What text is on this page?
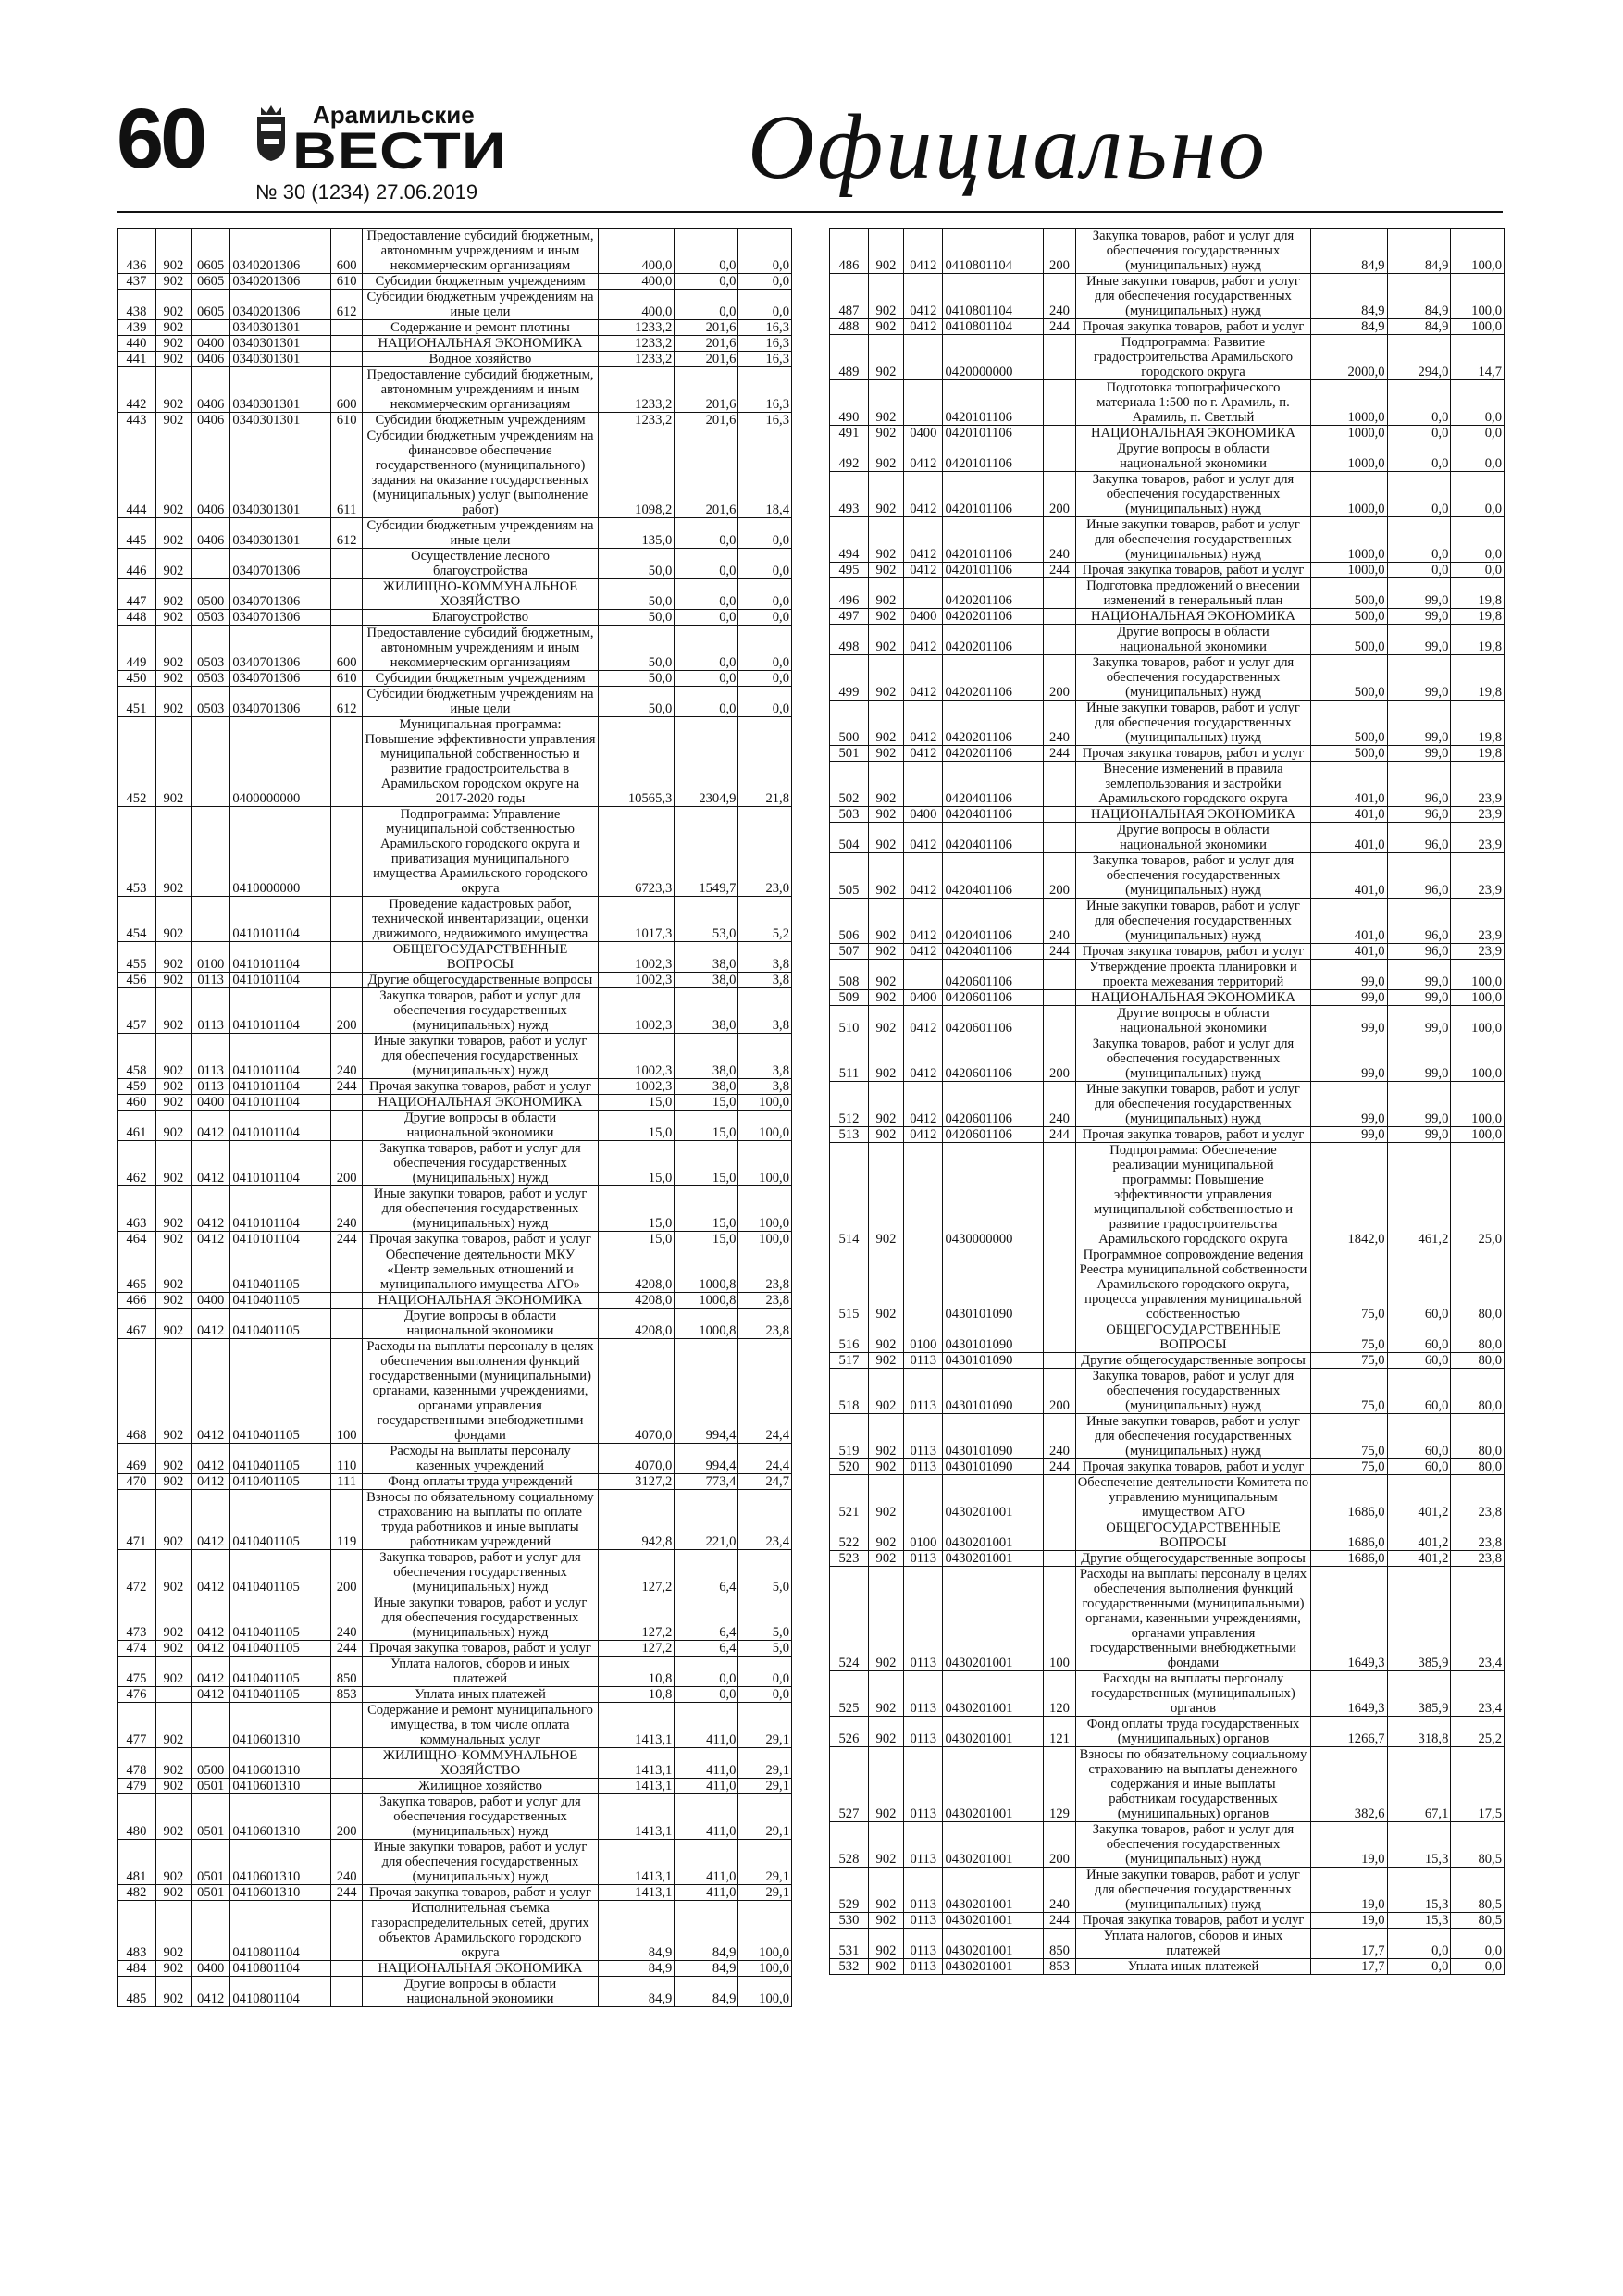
60	Арамильские
ВЕСТИ
№ 30 (1234) 27.06.2019	Официально
436	902	0605	0340201306	600	Предоставление субсидий бюджетным, автономным учреждениям и иным некоммерческим организациям	400,0	0,0	0,0
437	902	0605	0340201306	610	Субсидии бюджетным учреждениям	400,0	0,0	0,0
438	902	0605	0340201306	612	Субсидии бюджетным учреждениям на иные цели	400,0	0,0	0,0
439	902		0340301301		Содержание и ремонт плотины	1233,2	201,6	16,3
440	902	0400	0340301301		НАЦИОНАЛЬНАЯ ЭКОНОМИКА	1233,2	201,6	16,3
441	902	0406	0340301301		Водное хозяйство	1233,2	201,6	16,3
442	902	0406	0340301301	600	Предоставление субсидий бюджетным, автономным учреждениям и иным некоммерческим организациям	1233,2	201,6	16,3
443	902	0406	0340301301	610	Субсидии бюджетным учреждениям	1233,2	201,6	16,3
444	902	0406	0340301301	611	Субсидии бюджетным учреждениям на финансовое обеспечение государственного (муниципального) задания на оказание государственных (муниципальных) услуг (выполнение работ)	1098,2	201,6	18,4
445	902	0406	0340301301	612	Субсидии бюджетным учреждениям на иные цели	135,0	0,0	0,0
446	902		0340701306		Осуществление лесного благоустройства	50,0	0,0	0,0
447	902	0500	0340701306		ЖИЛИЩНО-КОММУНАЛЬНОЕ ХОЗЯЙСТВО	50,0	0,0	0,0
448	902	0503	0340701306		Благоустройство	50,0	0,0	0,0
449	902	0503	0340701306	600	Предоставление субсидий бюджетным, автономным учреждениям и иным некоммерческим организациям	50,0	0,0	0,0
450	902	0503	0340701306	610	Субсидии бюджетным учреждениям	50,0	0,0	0,0
451	902	0503	0340701306	612	Субсидии бюджетным учреждениям на иные цели	50,0	0,0	0,0
452	902		0400000000		Муниципальная программа: Повышение эффективности управления муниципальной собственностью и развитие градостроительства в Арамильском городском округе на 2017-2020 годы	10565,3	2304,9	21,8
453	902		0410000000		Подпрограмма: Управление муниципальной собственностью Арамильского городского округа и приватизация муниципального имущества Арамильского городского округа	6723,3	1549,7	23,0
454	902		0410101104		Проведение кадастровых работ, технической инвентаризации, оценки движимого, недвижимого имущества	1017,3	53,0	5,2
455	902	0100	0410101104		ОБЩЕГОСУДАРСТВЕННЫЕ ВОПРОСЫ	1002,3	38,0	3,8
456	902	0113	0410101104		Другие общегосударственные вопросы	1002,3	38,0	3,8
457	902	0113	0410101104	200	Закупка товаров, работ и услуг для обеспечения государственных (муниципальных) нужд	1002,3	38,0	3,8
458	902	0113	0410101104	240	Иные закупки товаров, работ и услуг для обеспечения государственных (муниципальных) нужд	1002,3	38,0	3,8
459	902	0113	0410101104	244	Прочая закупка товаров, работ и услуг	1002,3	38,0	3,8
460	902	0400	0410101104		НАЦИОНАЛЬНАЯ ЭКОНОМИКА	15,0	15,0	100,0
461	902	0412	0410101104		Другие вопросы в области национальной экономики	15,0	15,0	100,0
462	902	0412	0410101104	200	Закупка товаров, работ и услуг для обеспечения государственных (муниципальных) нужд	15,0	15,0	100,0
463	902	0412	0410101104	240	Иные закупки товаров, работ и услуг для обеспечения государственных (муниципальных) нужд	15,0	15,0	100,0
464	902	0412	0410101104	244	Прочая закупка товаров, работ и услуг	15,0	15,0	100,0
465	902		0410401105		Обеспечение деятельности МКУ «Центр земельных отношений и муниципального имущества АГО»	4208,0	1000,8	23,8
466	902	0400	0410401105		НАЦИОНАЛЬНАЯ ЭКОНОМИКА	4208,0	1000,8	23,8
467	902	0412	0410401105		Другие вопросы в области национальной экономики	4208,0	1000,8	23,8
468	902	0412	0410401105	100	Расходы на выплаты персоналу в целях обеспечения выполнения функций государственными (муниципальными) органами, казенными учреждениями, органами управления государственными внебюджетными фондами	4070,0	994,4	24,4
469	902	0412	0410401105	110	Расходы на выплаты персоналу казенных учреждений	4070,0	994,4	24,4
470	902	0412	0410401105	111	Фонд оплаты труда учреждений	3127,2	773,4	24,7
471	902	0412	0410401105	119	Взносы по обязательному социальному страхованию на выплаты по оплате труда работников и иные выплаты работникам учреждений	942,8	221,0	23,4
472	902	0412	0410401105	200	Закупка товаров, работ и услуг для обеспечения государственных (муниципальных) нужд	127,2	6,4	5,0
473	902	0412	0410401105	240	Иные закупки товаров, работ и услуг для обеспечения государственных (муниципальных) нужд	127,2	6,4	5,0
474	902	0412	0410401105	244	Прочая закупка товаров, работ и услуг	127,2	6,4	5,0
475	902	0412	0410401105	850	Уплата налогов, сборов и иных платежей	10,8	0,0	0,0
476		0412	0410401105	853	Уплата иных платежей	10,8	0,0	0,0
477	902		0410601310		Содержание и ремонт муниципального имущества, в том числе оплата коммунальных услуг	1413,1	411,0	29,1
478	902	0500	0410601310		ЖИЛИЩНО-КОММУНАЛЬНОЕ ХОЗЯЙСТВО	1413,1	411,0	29,1
479	902	0501	0410601310		Жилищное хозяйство	1413,1	411,0	29,1
480	902	0501	0410601310	200	Закупка товаров, работ и услуг для обеспечения государственных (муниципальных) нужд	1413,1	411,0	29,1
481	902	0501	0410601310	240	Иные закупки товаров, работ и услуг для обеспечения государственных (муниципальных) нужд	1413,1	411,0	29,1
482	902	0501	0410601310	244	Прочая закупка товаров, работ и услуг	1413,1	411,0	29,1
483	902		0410801104		Исполнительная съемка газораспределительных сетей, других объектов Арамильского городского округа	84,9	84,9	100,0
484	902	0400	0410801104		НАЦИОНАЛЬНАЯ ЭКОНОМИКА	84,9	84,9	100,0
485	902	0412	0410801104		Другие вопросы в области национальной экономики	84,9	84,9	100,0
486	902	0412	0410801104	200	Закупка товаров, работ и услуг для обеспечения государственных (муниципальных) нужд	84,9	84,9	100,0
487	902	0412	0410801104	240	Иные закупки товаров, работ и услуг для обеспечения государственных (муниципальных) нужд	84,9	84,9	100,0
488	902	0412	0410801104	244	Прочая закупка товаров, работ и услуг	84,9	84,9	100,0
489	902		0420000000		Подпрограмма: Развитие градостроительства Арамильского городского округа	2000,0	294,0	14,7
490	902		0420101106		Подготовка топографического материала 1:500 по г. Арамиль, п. Арамиль, п. Светлый	1000,0	0,0	0,0
491	902	0400	0420101106		НАЦИОНАЛЬНАЯ ЭКОНОМИКА	1000,0	0,0	0,0
492	902	0412	0420101106		Другие вопросы в области национальной экономики	1000,0	0,0	0,0
493	902	0412	0420101106	200	Закупка товаров, работ и услуг для обеспечения государственных (муниципальных) нужд	1000,0	0,0	0,0
494	902	0412	0420101106	240	Иные закупки товаров, работ и услуг для обеспечения государственных (муниципальных) нужд	1000,0	0,0	0,0
495	902	0412	0420101106	244	Прочая закупка товаров, работ и услуг	1000,0	0,0	0,0
496	902		0420201106		Подготовка предложений о внесении изменений в генеральный план	500,0	99,0	19,8
497	902	0400	0420201106		НАЦИОНАЛЬНАЯ ЭКОНОМИКА	500,0	99,0	19,8
498	902	0412	0420201106		Другие вопросы в области национальной экономики	500,0	99,0	19,8
499	902	0412	0420201106	200	Закупка товаров, работ и услуг для обеспечения государственных (муниципальных) нужд	500,0	99,0	19,8
500	902	0412	0420201106	240	Иные закупки товаров, работ и услуг для обеспечения государственных (муниципальных) нужд	500,0	99,0	19,8
501	902	0412	0420201106	244	Прочая закупка товаров, работ и услуг	500,0	99,0	19,8
502	902		0420401106		Внесение изменений в правила землепользования и застройки Арамильского городского округа	401,0	96,0	23,9
503	902	0400	0420401106		НАЦИОНАЛЬНАЯ ЭКОНОМИКА	401,0	96,0	23,9
504	902	0412	0420401106		Другие вопросы в области национальной экономики	401,0	96,0	23,9
505	902	0412	0420401106	200	Закупка товаров, работ и услуг для обеспечения государственных (муниципальных) нужд	401,0	96,0	23,9
506	902	0412	0420401106	240	Иные закупки товаров, работ и услуг для обеспечения государственных (муниципальных) нужд	401,0	96,0	23,9
507	902	0412	0420401106	244	Прочая закупка товаров, работ и услуг	401,0	96,0	23,9
508	902		0420601106		Утверждение проекта планировки и проекта межевания территорий	99,0	99,0	100,0
509	902	0400	0420601106		НАЦИОНАЛЬНАЯ ЭКОНОМИКА	99,0	99,0	100,0
510	902	0412	0420601106		Другие вопросы в области национальной экономики	99,0	99,0	100,0
511	902	0412	0420601106	200	Закупка товаров, работ и услуг для обеспечения государственных (муниципальных) нужд	99,0	99,0	100,0
512	902	0412	0420601106	240	Иные закупки товаров, работ и услуг для обеспечения государственных (муниципальных) нужд	99,0	99,0	100,0
513	902	0412	0420601106	244	Прочая закупка товаров, работ и услуг	99,0	99,0	100,0
514	902		0430000000		Подпрограмма: Обеспечение реализации муниципальной программы: Повышение эффективности управления муниципальной собственностью и развитие градостроительства Арамильского городского округа	1842,0	461,2	25,0
515	902		0430101090		Программное сопровождение ведения Реестра муниципальной собственности Арамильского городского округа, процесса управления муниципальной собственностью	75,0	60,0	80,0
516	902	0100	0430101090		ОБЩЕГОСУДАРСТВЕННЫЕ ВОПРОСЫ	75,0	60,0	80,0
517	902	0113	0430101090		Другие общегосударственные вопросы	75,0	60,0	80,0
518	902	0113	0430101090	200	Закупка товаров, работ и услуг для обеспечения государственных (муниципальных) нужд	75,0	60,0	80,0
519	902	0113	0430101090	240	Иные закупки товаров, работ и услуг для обеспечения государственных (муниципальных) нужд	75,0	60,0	80,0
520	902	0113	0430101090	244	Прочая закупка товаров, работ и услуг	75,0	60,0	80,0
521	902		0430201001		Обеспечение деятельности Комитета по управлению муниципальным имуществом АГО	1686,0	401,2	23,8
522	902	0100	0430201001		ОБЩЕГОСУДАРСТВЕННЫЕ ВОПРОСЫ	1686,0	401,2	23,8
523	902	0113	0430201001		Другие общегосударственные вопросы	1686,0	401,2	23,8
524	902	0113	0430201001	100	Расходы на выплаты персоналу в целях обеспечения выполнения функций государственными (муниципальными) органами, казенными учреждениями, органами управления государственными внебюджетными фондами	1649,3	385,9	23,4
525	902	0113	0430201001	120	Расходы на выплаты персоналу государственных (муниципальных) органов	1649,3	385,9	23,4
526	902	0113	0430201001	121	Фонд оплаты труда государственных (муниципальных) органов	1266,7	318,8	25,2
527	902	0113	0430201001	129	Взносы по обязательному социальному страхованию на выплаты денежного содержания и иные выплаты работникам государственных (муниципальных) органов	382,6	67,1	17,5
528	902	0113	0430201001	200	Закупка товаров, работ и услуг для обеспечения государственных (муниципальных) нужд	19,0	15,3	80,5
529	902	0113	0430201001	240	Иные закупки товаров, работ и услуг для обеспечения государственных (муниципальных) нужд	19,0	15,3	80,5
530	902	0113	0430201001	244	Прочая закупка товаров, работ и услуг	19,0	15,3	80,5
531	902	0113	0430201001	850	Уплата налогов, сборов и иных платежей	17,7	0,0	0,0
532	902	0113	0430201001	853	Уплата иных платежей	17,7	0,0	0,0
